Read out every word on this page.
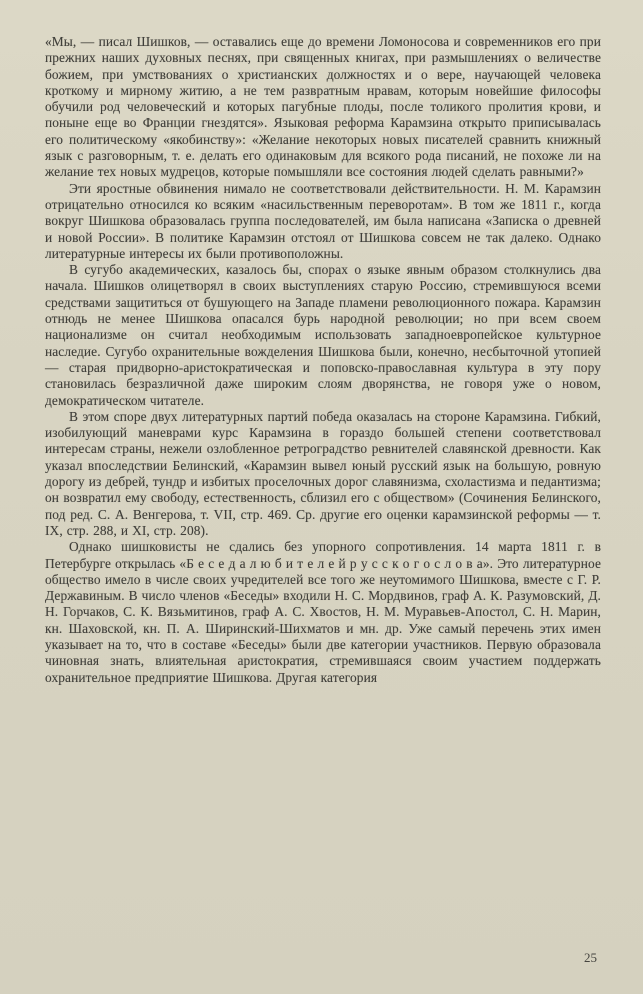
«Мы, — писал Шишков, — оставались еще до времени Ломоносова и современников его при прежних наших духовных песнях, при священных книгах, при размышлениях о величестве божием, при умствованиях о христианских должностях и о вере, научающей человека кроткому и мирному житию, а не тем развратным нравам, которым новейшие философы обучили род человеческий и которых пагубные плоды, после толикого пролития крови, и поныне еще во Франции гнездятся». Языковая реформа Карамзина открыто приписывалась его политическому «якобинству»: «Желание некоторых новых писателей сравнить книжный язык с разговорным, т. е. делать его одинаковым для всякого рода писаний, не похоже ли на желание тех новых мудрецов, которые помышляли все состояния людей сделать равными?»

Эти яростные обвинения нимало не соответствовали действительности. Н. М. Карамзин отрицательно относился ко всяким «насильственным переворотам». В том же 1811 г., когда вокруг Шишкова образовалась группа последователей, им была написана «Записка о древней и новой России». В политике Карамзин отстоял от Шишкова совсем не так далеко. Однако литературные интересы их были противоположны.

В сугубо академических, казалось бы, спорах о языке явным образом столкнулись два начала. Шишков олицетворял в своих выступлениях старую Россию, стремившуюся всеми средствами защититься от бушующего на Западе пламени революционного пожара. Карамзин отнюдь не менее Шишкова опасался бурь народной революции; но при всем своем национализме он считал необходимым использовать западноевропейское культурное наследие. Сугубо охранительные вожделения Шишкова были, конечно, несбыточной утопией — старая придворно-аристократическая и поповско-православная культура в эту пору становилась безразличной даже широким слоям дворянства, не говоря уже о новом, демократическом читателе.

В этом споре двух литературных партий победа оказалась на стороне Карамзина. Гибкий, изобилующий маневрами курс Карамзина в гораздо большей степени соответствовал интересам страны, нежели озлобленное ретроградство ревнителей славянской древности. Как указал впоследствии Белинский, «Карамзин вывел юный русский язык на большую, ровную дорогу из дебрей, тундр и избитых проселочных дорог славянизма, схоластизма и педантизма; он возвратил ему свободу, естественность, сблизил его с обществом» (Сочинения Белинского, под ред. С. А. Венгерова, т. VII, стр. 469. Ср. другие его оценки карамзинской реформы — т. IX, стр. 288, и XI, стр. 208).

Однако шишковисты не сдались без упорного сопротивления. 14 марта 1811 г. в Петербурге открылась «Б е с е д а л ю б и т е л е й р у с с к о г о с л о в а». Это литературное общество имело в числе своих учредителей все того же неутомимого Шишкова, вместе с Г. Р. Державиным. В число членов «Беседы» входили Н. С. Мордвинов, граф А. К. Разумовский, Д. Н. Горчаков, С. К. Вязьмитинов, граф А. С. Хвостов, Н. М. Муравьев-Апостол, С. Н. Марин, кн. Шаховской, кн. П. А. Ширинский-Шихматов и мн. др. Уже самый перечень этих имен указывает на то, что в составе «Беседы» были две категории участников. Первую образовала чиновная знать, влиятельная аристократия, стремившаяся своим участием поддержать охранительное предприятие Шишкова. Другая категория

25
